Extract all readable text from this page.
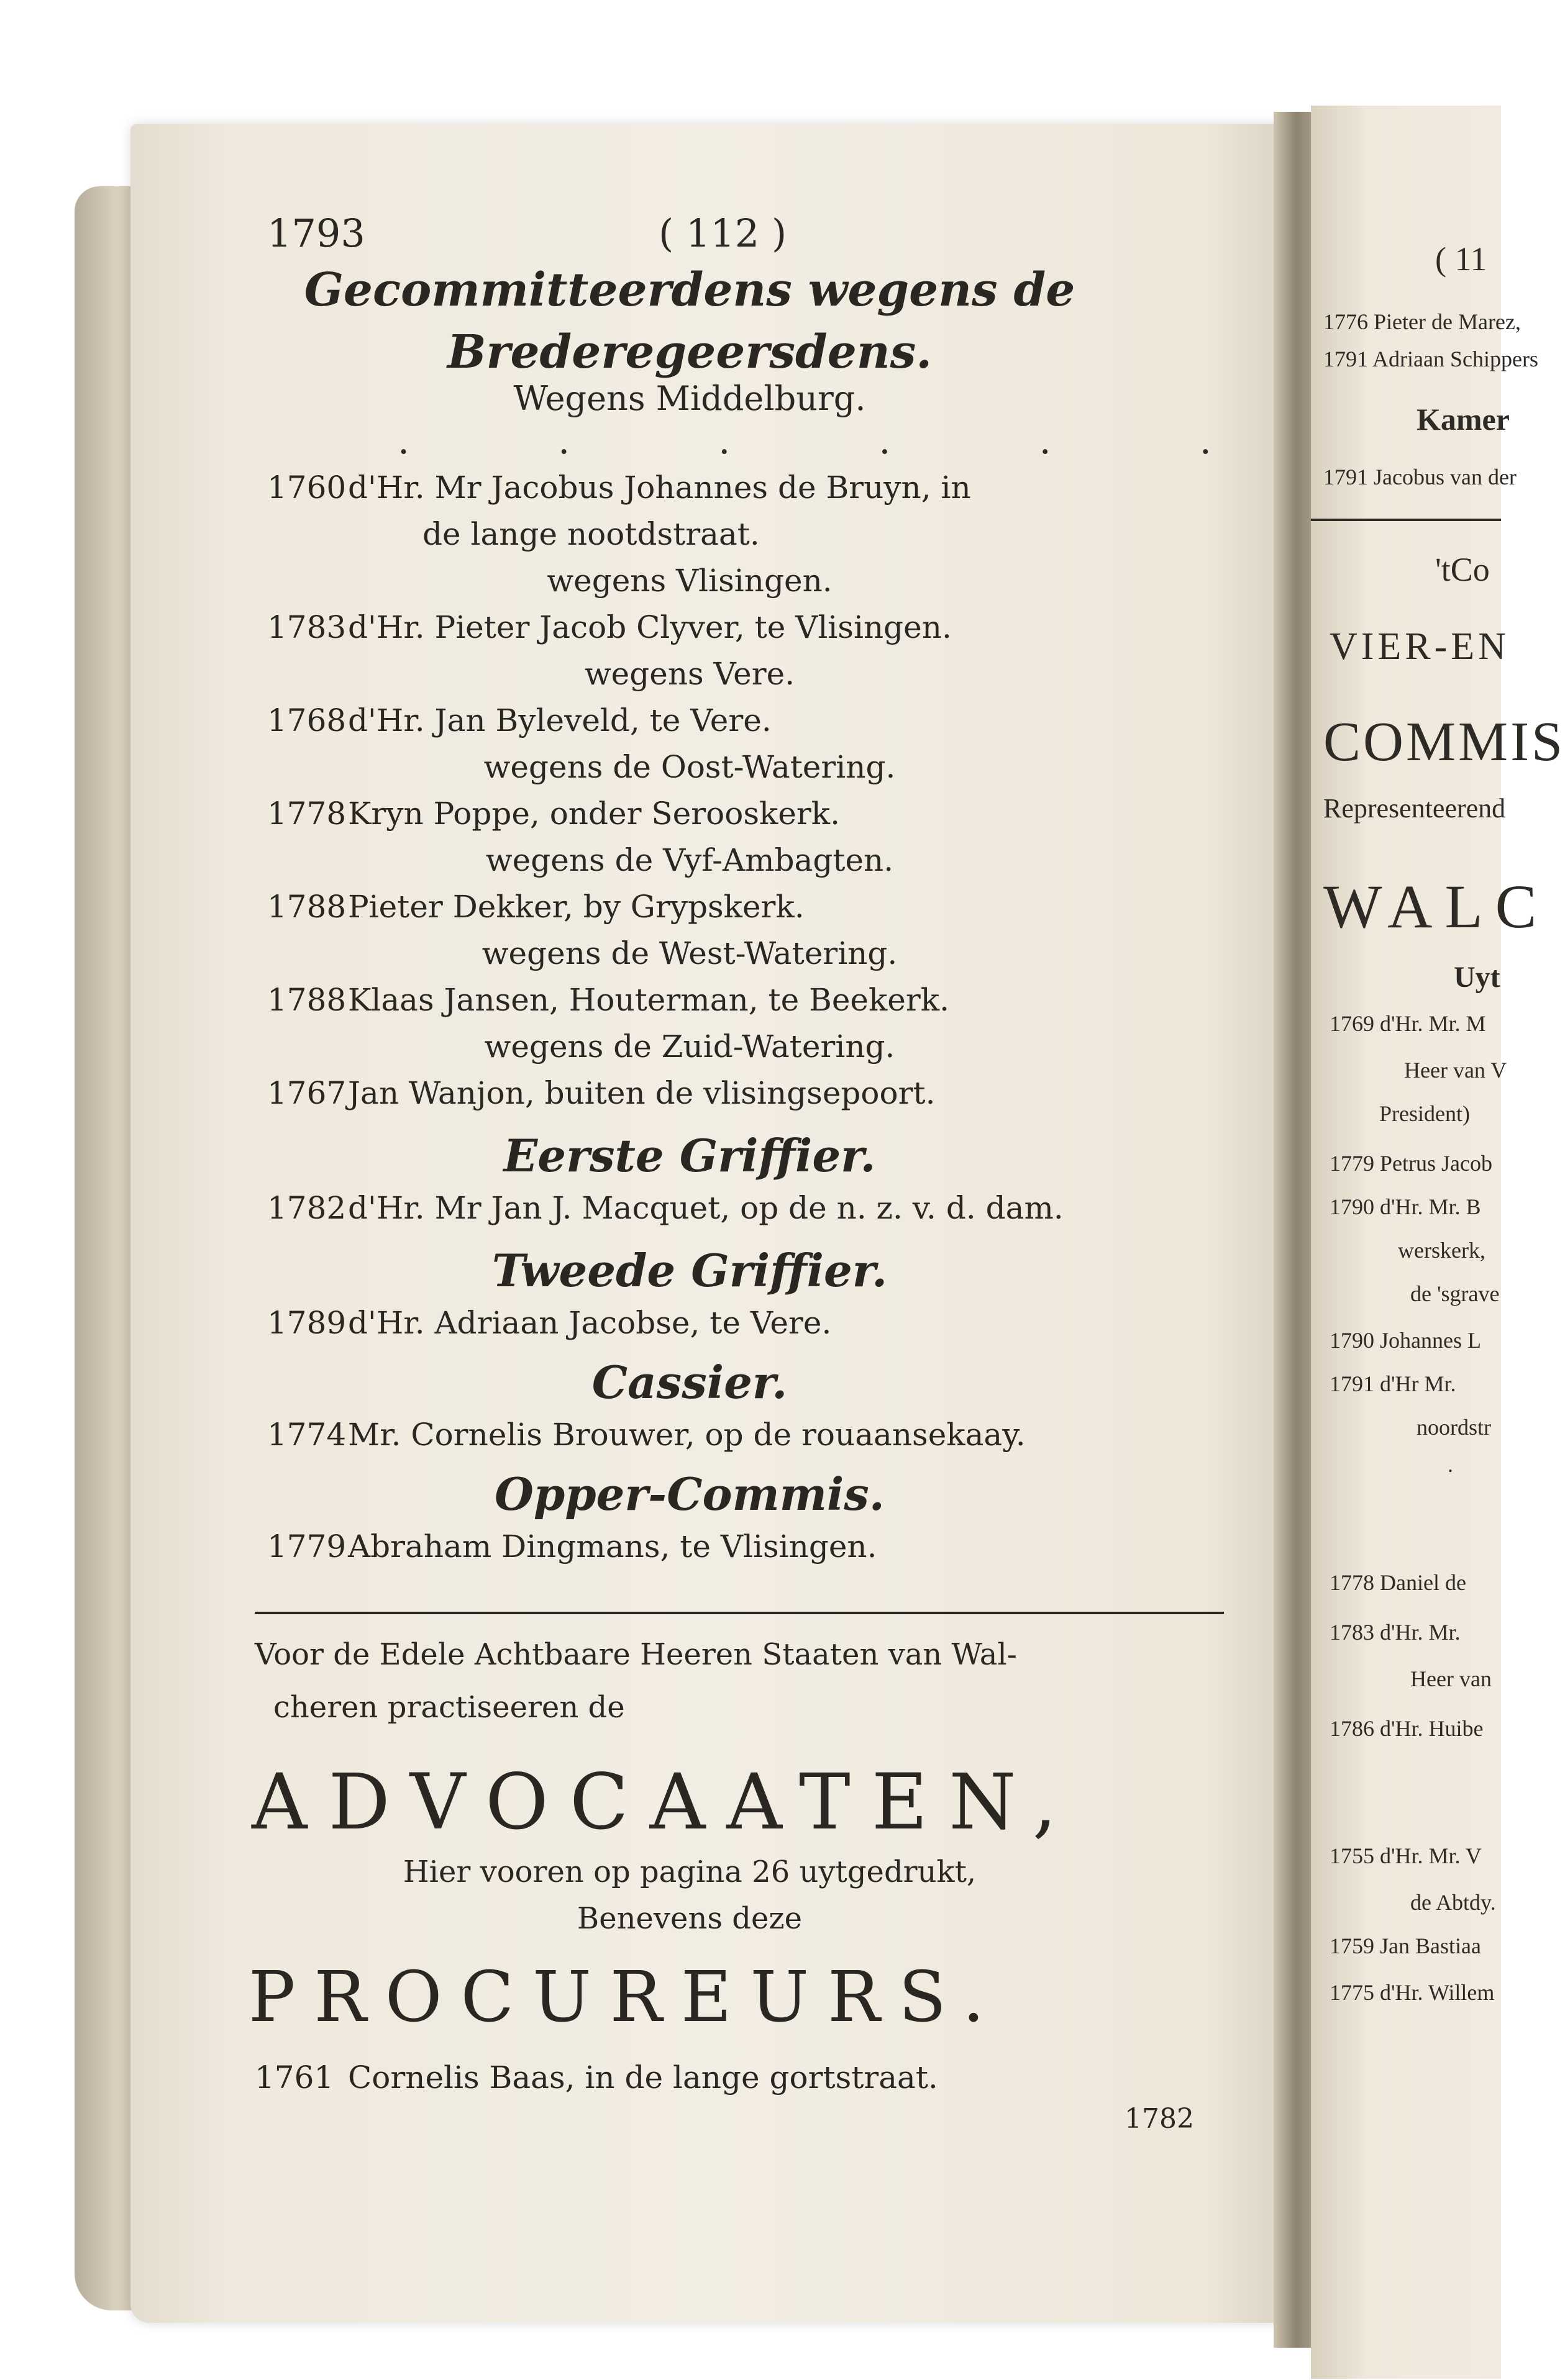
1793	( 112 )
Gecommitteerdens wegens de
Brederegeersdens.
Wegens Middelburg.
. . . . . .
1760 d'Hr. Mr Jacobus Johannes de Bruyn, in
de lange nootdstraat.
wegens Vlisingen.
1783 d'Hr. Pieter Jacob Clyver, te Vlisingen.
wegens Vere.
1768 d'Hr. Jan Byleveld, te Vere.
wegens de Oost-Watering.
1778 Kryn Poppe, onder Serooskerk.
wegens de Vyf-Ambagten.
1788 Pieter Dekker, by Grypskerk.
wegens de West-Watering.
1788 Klaas Jansen, Houterman, te Beekerk.
wegens de Zuid-Watering.
1767 Jan Wanjon, buiten de vlisingsepoort.
Eerste Griffier.
1782 d'Hr. Mr Jan J. Macquet, op de n. z. v. d. dam.
Tweede Griffier.
1789 d'Hr. Adriaan Jacobse, te Vere.
Cassier.
1774 Mr. Cornelis Brouwer, op de rouaansekaay.
Opper-Commis.
1779 Abraham Dingmans, te Vlisingen.
Voor de Edele Achtbaare Heeren Staaten van Wal-
cheren practiseeren de
ADVOCAATEN,
Hier vooren op pagina 26 uytgedrukt,
Benevens deze
PROCUREURS.
1761 Cornelis Baas, in de lange gortstraat.
1782
( 11
1776 Pieter de Marez,
1791 Adriaan Schippers
Kamer
1791 Jacobus van der
'tCo
VIER-EN
COMMIS
Representeerend
WALC
Uyt
1769 d'Hr. Mr. M
Heer van V
President)
1779 Petrus Jacob
1790 d'Hr. Mr. B
werskerk,
de 'sgrave
1790 Johannes L
1791 d'Hr Mr.
noordstr
.
1778 Daniel de
1783 d'Hr. Mr.
Heer van
1786 d'Hr. Huibe
1755 d'Hr. Mr. V
de Abtdy.
1759 Jan Bastiaa
1775 d'Hr. Willem
